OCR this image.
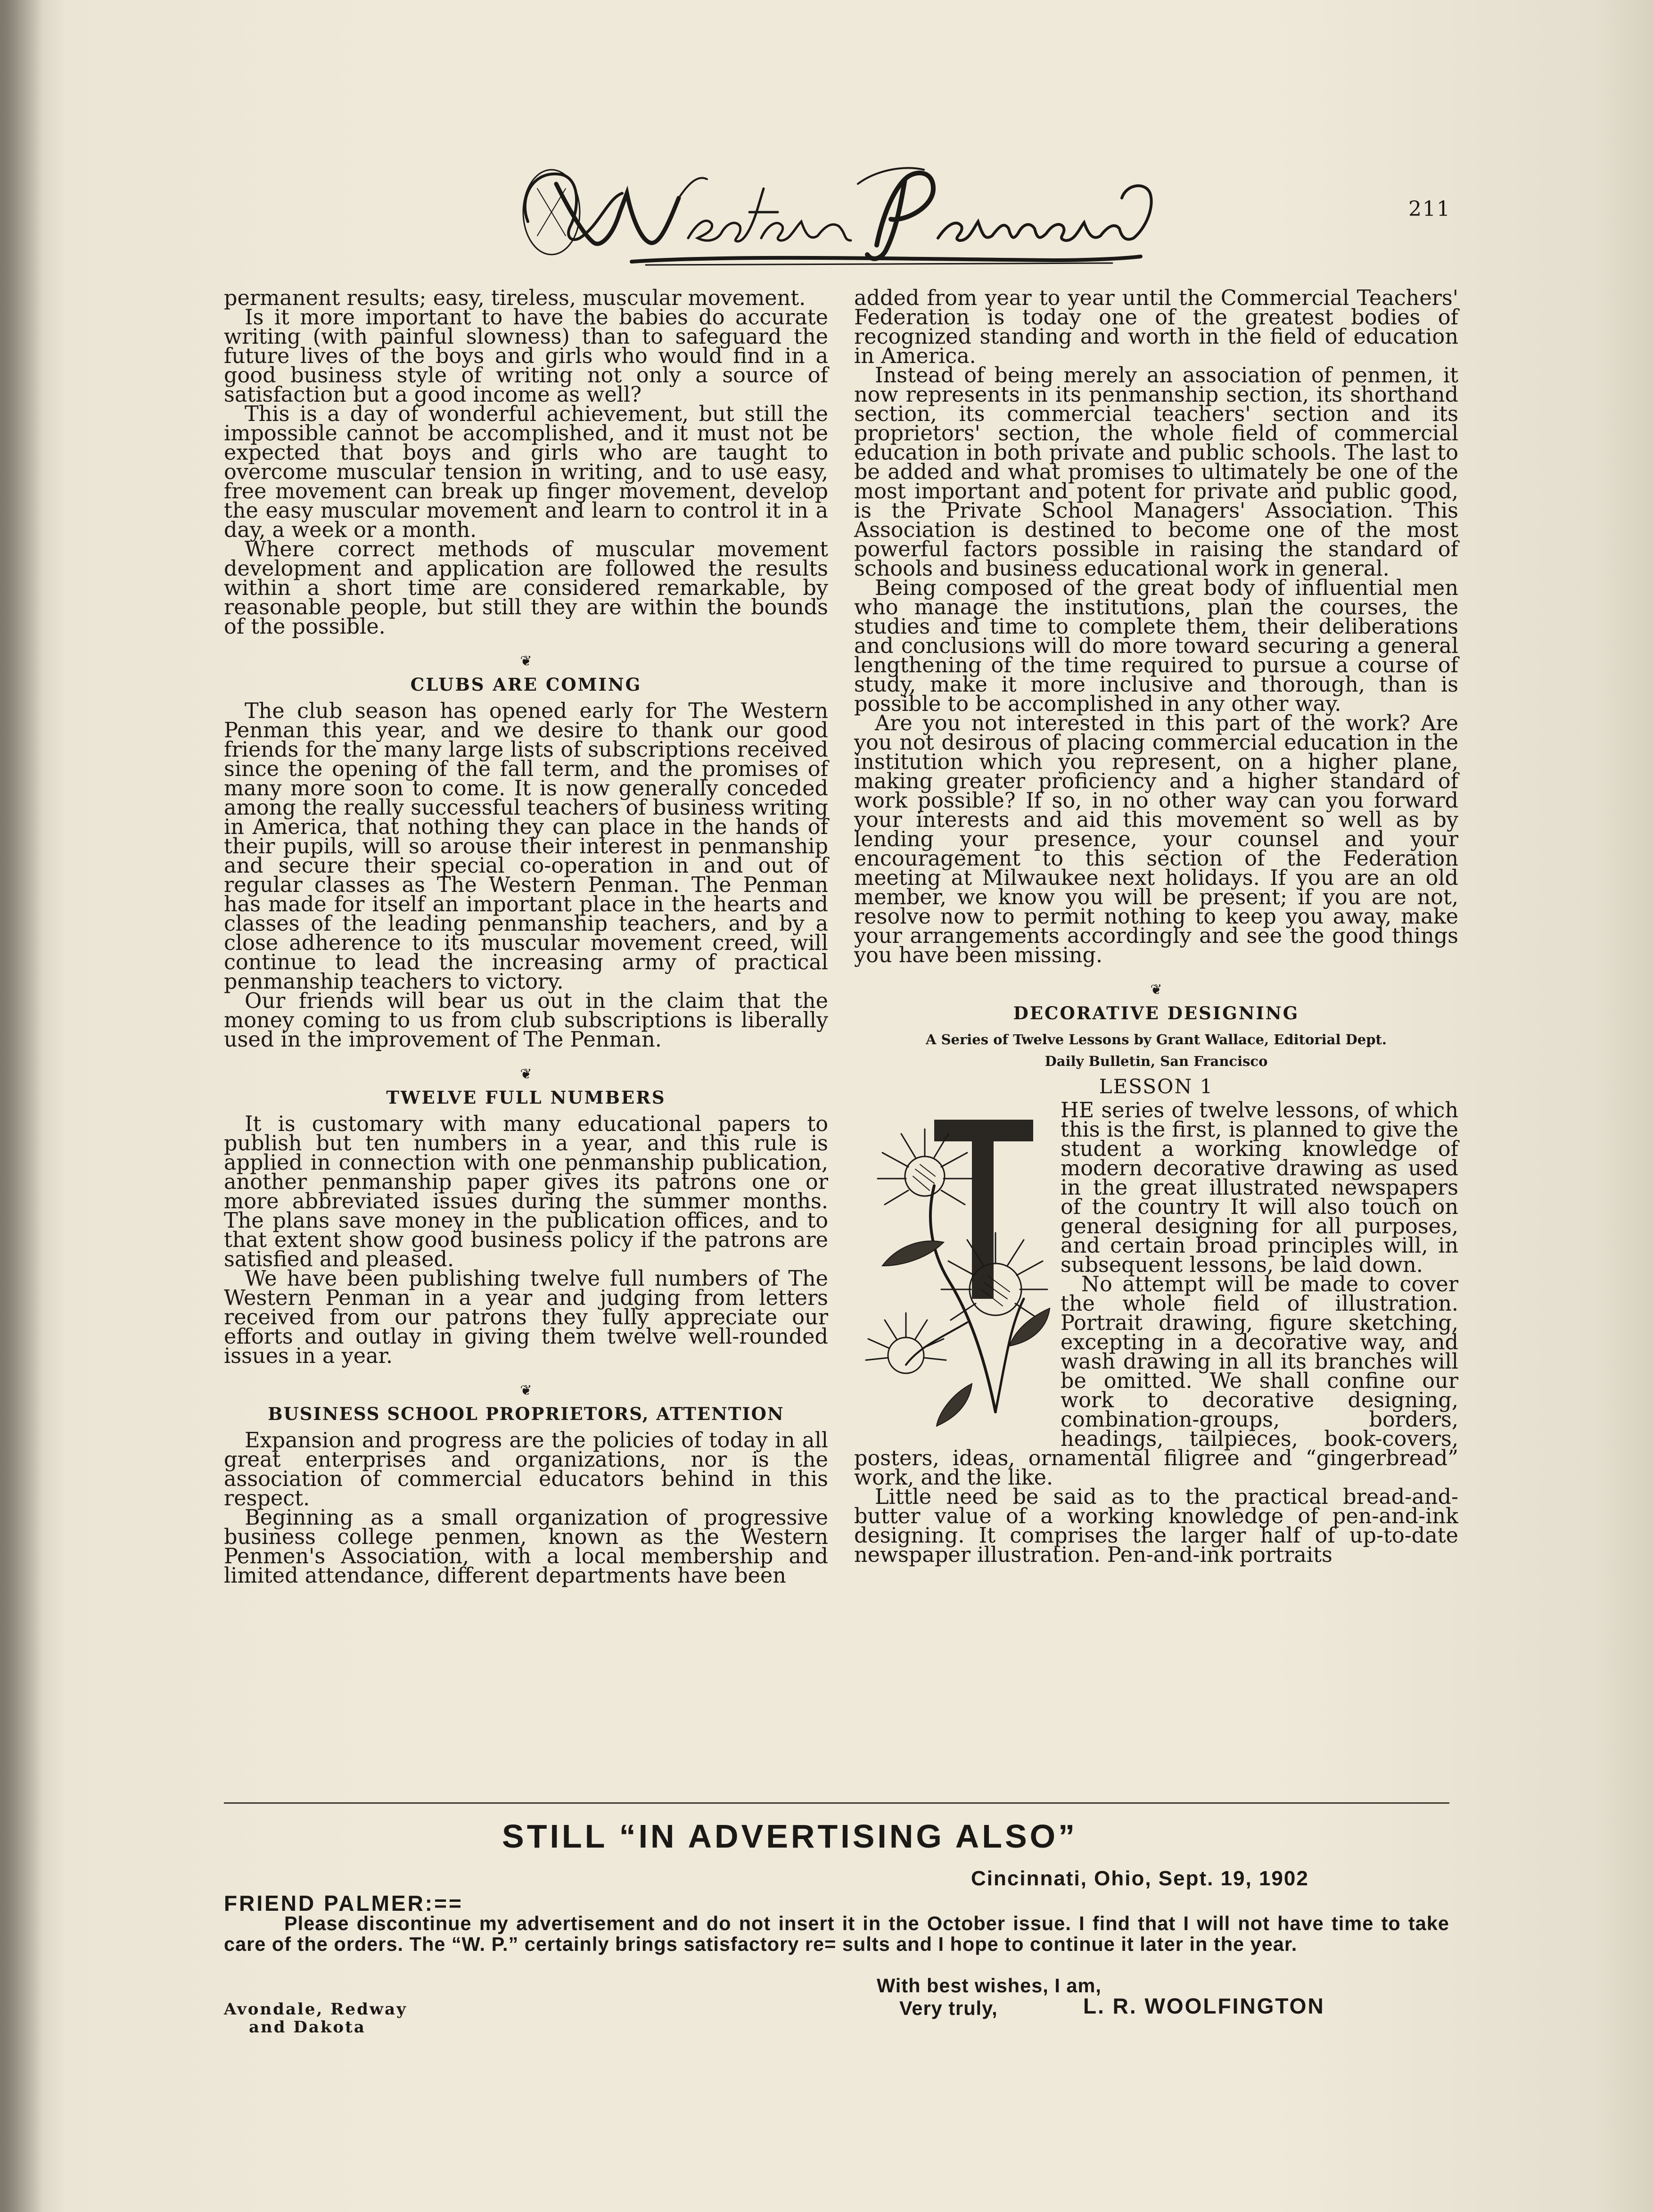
211

permanent results; easy, tireless, muscular movement.

Is it more important to have the babies do accurate writing (with painful slowness) than to safeguard the future lives of the boys and girls who would find in a good business style of writing not only a source of satisfaction but a good income as well?

This is a day of wonderful achievement, but still the impossible cannot be accomplished, and it must not be expected that boys and girls who are taught to overcome muscular tension in writing, and to use easy, free movement can break up finger movement, develop the easy muscular movement and learn to control it in a day, a week or a month.

Where correct methods of muscular movement development and application are followed the results within a short time are considered remarkable, by reasonable people, but still they are within the bounds of the possible.

❦
CLUBS ARE COMING

The club season has opened early for The Western Penman this year, and we desire to thank our good friends for the many large lists of subscriptions received since the opening of the fall term, and the promises of many more soon to come. It is now generally conceded among the really successful teachers of business writing in America, that nothing they can place in the hands of their pupils, will so arouse their interest in penmanship and secure their special co-operation in and out of regular classes as The Western Penman. The Penman has made for itself an important place in the hearts and classes of the leading penmanship teachers, and by a close adherence to its muscular movement creed, will continue to lead the increasing army of practical penmanship teachers to victory.

Our friends will bear us out in the claim that the money coming to us from club subscriptions is liberally used in the improvement of The Penman.

❦
TWELVE FULL NUMBERS

It is customary with many educational papers to publish but ten numbers in a year, and this rule is applied in connection with one penmanship publication, another penmanship paper gives its patrons one or more abbreviated issues during the summer months. The plans save money in the publication offices, and to that extent show good business policy if the patrons are satisfied and pleased.

We have been publishing twelve full numbers of The Western Penman in a year and judging from letters received from our patrons they fully appreciate our efforts and outlay in giving them twelve well-rounded issues in a year.

❦
BUSINESS SCHOOL PROPRIETORS, ATTENTION

Expansion and progress are the policies of today in all great enterprises and organizations, nor is the association of commercial educators behind in this respect.

Beginning as a small organization of progressive business college penmen, known as the Western Penmen's Association, with a local membership and limited attendance, different departments have been

added from year to year until the Commercial Teachers' Federation is today one of the greatest bodies of recognized standing and worth in the field of education in America.

Instead of being merely an association of penmen, it now represents in its penmanship section, its shorthand section, its commercial teachers' section and its proprietors' section, the whole field of commercial education in both private and public schools. The last to be added and what promises to ultimately be one of the most important and potent for private and public good, is the Private School Managers' Association. This Association is destined to become one of the most powerful factors possible in raising the standard of schools and business educational work in general.

Being composed of the great body of influential men who manage the institutions, plan the courses, the studies and time to complete them, their deliberations and conclusions will do more toward securing a general lengthening of the time required to pursue a course of study, make it more inclusive and thorough, than is possible to be accomplished in any other way.

Are you not interested in this part of the work? Are you not desirous of placing commercial education in the institution which you represent, on a higher plane, making greater proficiency and a higher standard of work possible? If so, in no other way can you forward your interests and aid this movement so well as by lending your presence, your counsel and your encouragement to this section of the Federation meeting at Milwaukee next holidays. If you are an old member, we know you will be present; if you are not, resolve now to permit nothing to keep you away, make your arrangements accordingly and see the good things you have been missing.

❦
DECORATIVE DESIGNING
A Series of Twelve Lessons by Grant Wallace, Editorial Dept.
Daily Bulletin, San Francisco
LESSON 1

HE series of twelve lessons, of which this is the first, is planned to give the student a working knowledge of modern decorative drawing as used in the great illustrated newspapers of the country It will also touch on general designing for all purposes, and certain broad principles will, in subsequent lessons, be laid down.

No attempt will be made to cover the whole field of illustration. Portrait drawing, figure sketching, excepting in a decorative way, and wash drawing in all its branches will be omitted. We shall confine our work to decorative designing, combination-groups, borders, headings, tailpieces, book-covers, posters, ideas, ornamental filigree and “gingerbread” work, and the like.

Little need be said as to the practical bread-and-butter value of a working knowledge of pen-and-ink designing. It comprises the larger half of up-to-date newspaper illustration. Pen-and-ink portraits

STILL “IN ADVERTISING ALSO”
Cincinnati, Ohio, Sept. 19, 1902
FRIEND PALMER:==

Please discontinue my advertisement and do not insert it in the October issue. I find that I will not have time to take care of the orders. The “W. P.” certainly brings satisfactory re= sults and I hope to continue it later in the year.

With best wishes, I am,
Very truly,	L. R. WOOLFINGTON
Avondale, Redway
and Dakota
